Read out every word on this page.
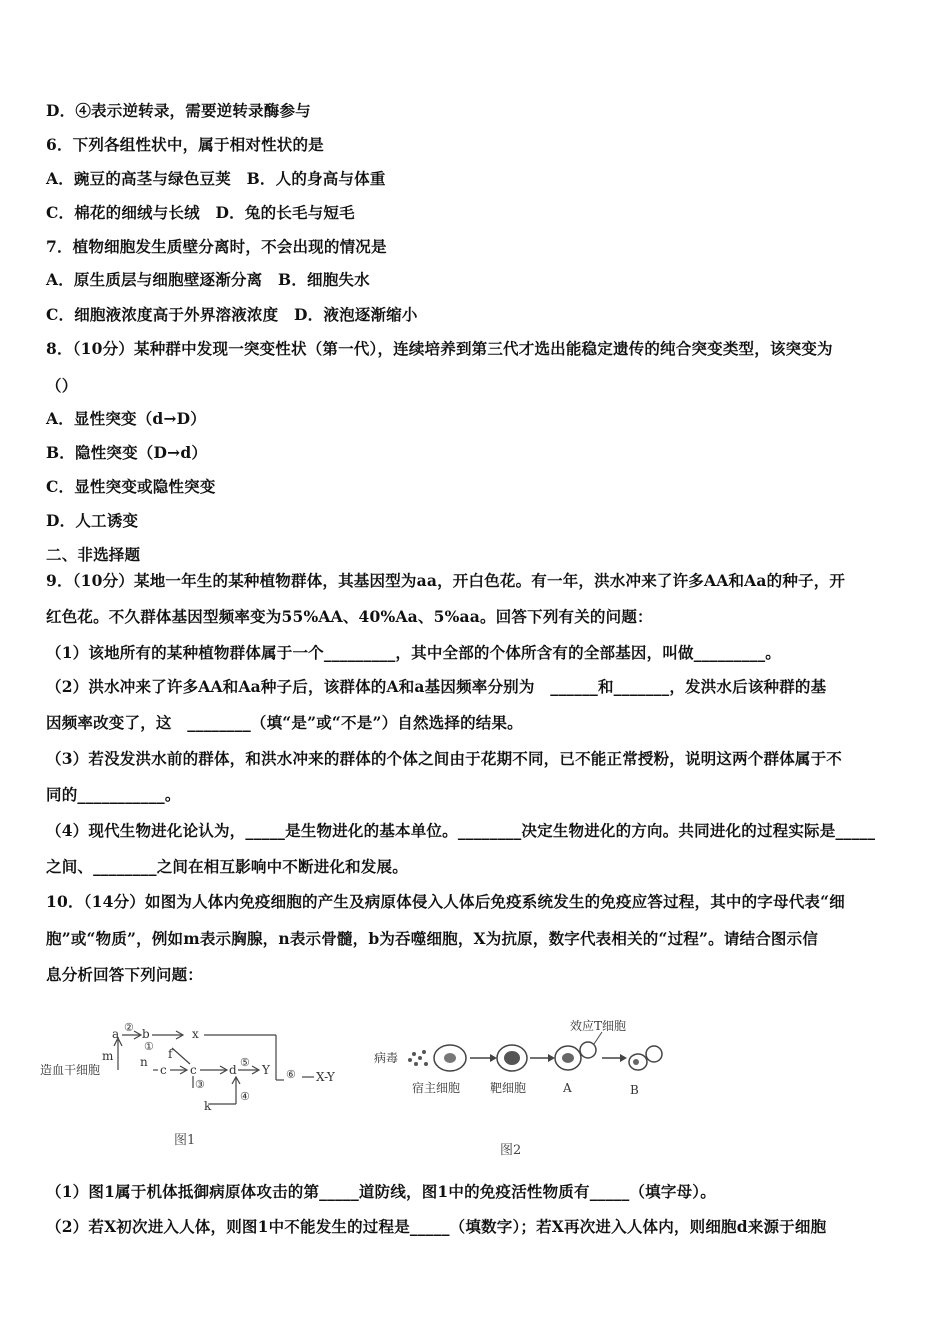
D．④表示逆转录，需要逆转录酶参与
6．下列各组性状中，属于相对性状的是
A．豌豆的高茎与绿色豆荚　B．人的身高与体重
C．棉花的细绒与长绒　D．兔的长毛与短毛
7．植物细胞发生质壁分离时，不会出现的情况是
A．原生质层与细胞壁逐渐分离　B．细胞失水
C．细胞液浓度高于外界溶液浓度　D．液泡逐渐缩小
8．（10分）某种群中发现一突变性状（第一代），连续培养到第三代才选出能稳定遗传的纯合突变类型，该突变为
（）
A．显性突变（d→D）
B．隐性突变（D→d）
C．显性突变或隐性突变
D．人工诱变
二、非选择题
9．（10分）某地一年生的某种植物群体，其基因型为aa，开白色花。有一年，洪水冲来了许多AA和Aa的种子，开
红色花。不久群体基因型频率变为55%AA、40%Aa、5%aa。回答下列有关的问题：
（1）该地所有的某种植物群体属于一个_________，其中全部的个体所含有的全部基因，叫做_________。
（2）洪水冲来了许多AA和Aa种子后，该群体的A和a基因频率分别为　______和_______，发洪水后该种群的基
因频率改变了，这　________（填“是”或“不是”）自然选择的结果。
（3）若没发洪水前的群体，和洪水冲来的群体的个体之间由于花期不同，已不能正常授粉，说明这两个群体属于不
同的___________。
（4）现代生物进化论认为，_____是生物进化的基本单位。________决定生物进化的方向。共同进化的过程实际是_____
之间、________之间在相互影响中不断进化和发展。
10．（14分）如图为人体内免疫细胞的产生及病原体侵入人体后免疫系统发生的免疫应答过程，其中的字母代表“细
胞”或“物质”，例如m表示胸腺，n表示骨髓，b为吞噬细胞，X为抗原，数字代表相关的“过程”。请结合图示信
息分析回答下列问题：
造血干细胞
a b	x
②
①
f
m n
c c	d
⑤
Y ⑥ X-Y
③
k
④
图1
病毒
效应T细胞
宿主细胞 靶细胞	A	B
图2
（1）图1属于机体抵御病原体攻击的第_____道防线，图1中的免疫活性物质有_____（填字母）。
（2）若X初次进入人体，则图1中不能发生的过程是_____（填数字）；若X再次进入人体内，则细胞d来源于细胞
